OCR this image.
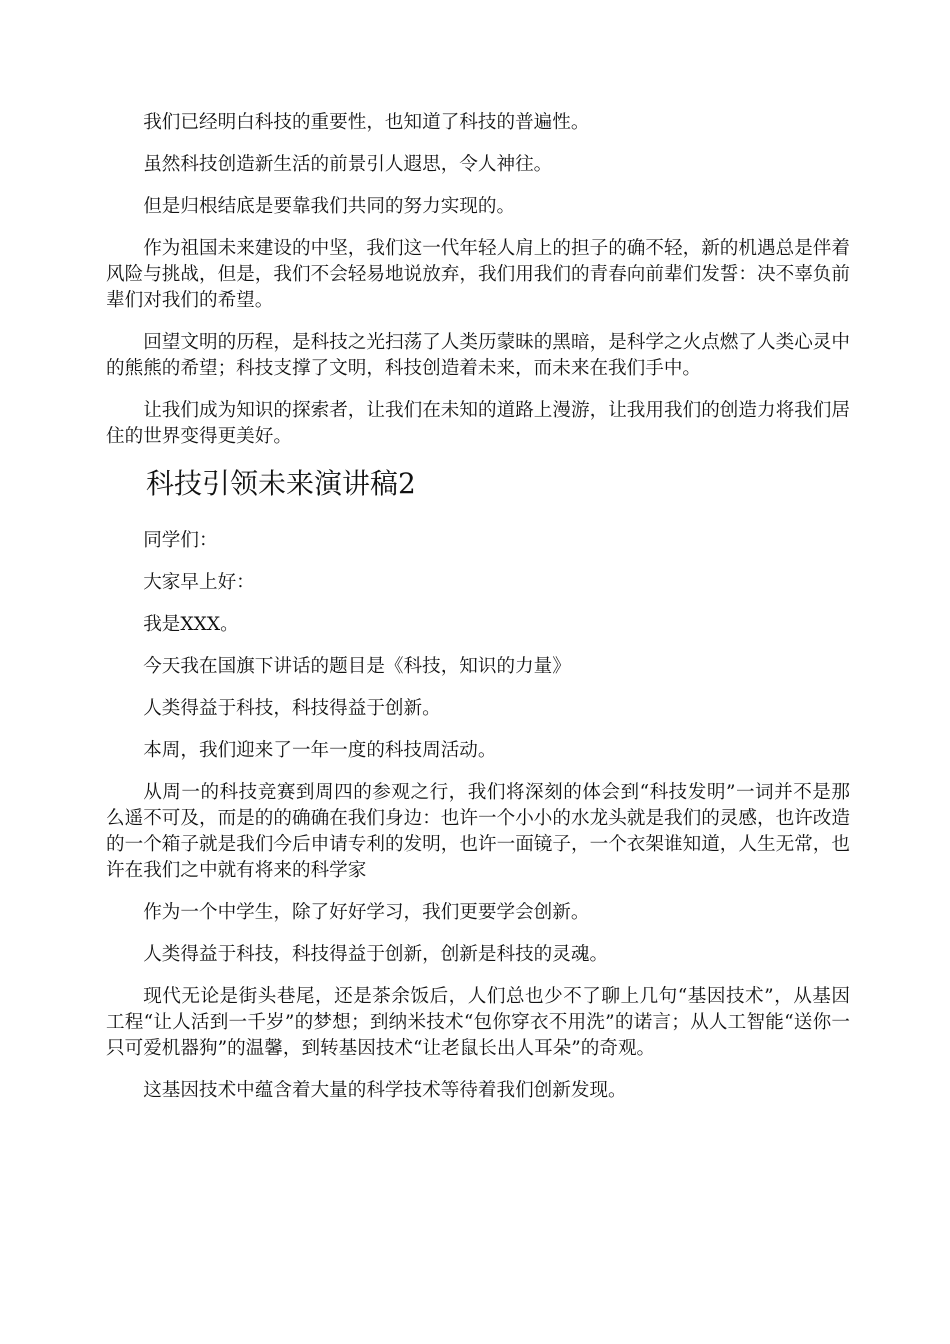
我们已经明白科技的重要性，也知道了科技的普遍性。

虽然科技创造新生活的前景引人遐思，令人神往。

但是归根结底是要靠我们共同的努力实现的。

作为祖国未来建设的中坚，我们这一代年轻人肩上的担子的确不轻，新的机遇总是伴着风险与挑战，但是，我们不会轻易地说放弃，我们用我们的青春向前辈们发誓：决不辜负前辈们对我们的希望。

回望文明的历程，是科技之光扫荡了人类历蒙昧的黑暗，是科学之火点燃了人类心灵中的熊熊的希望；科技支撑了文明，科技创造着未来，而未来在我们手中。

让我们成为知识的探索者，让我们在未知的道路上漫游，让我用我们的创造力将我们居住的世界变得更美好。

科技引领未来演讲稿2

同学们：

大家早上好：

我是XXX。

今天我在国旗下讲话的题目是《科技，知识的力量》

人类得益于科技，科技得益于创新。

本周，我们迎来了一年一度的科技周活动。

从周一的科技竞赛到周四的参观之行，我们将深刻的体会到“科技发明”一词并不是那么遥不可及，而是的的确确在我们身边：也许一个小小的水龙头就是我们的灵感，也许改造的一个箱子就是我们今后申请专利的发明，也许一面镜子，一个衣架谁知道，人生无常，也许在我们之中就有将来的科学家

作为一个中学生，除了好好学习，我们更要学会创新。

人类得益于科技，科技得益于创新，创新是科技的灵魂。

现代无论是街头巷尾，还是茶余饭后，人们总也少不了聊上几句“基因技术”，从基因工程“让人活到一千岁”的梦想；到纳米技术“包你穿衣不用洗”的诺言；从人工智能“送你一只可爱机器狗”的温馨，到转基因技术“让老鼠长出人耳朵”的奇观。

这基因技术中蕴含着大量的科学技术等待着我们创新发现。
